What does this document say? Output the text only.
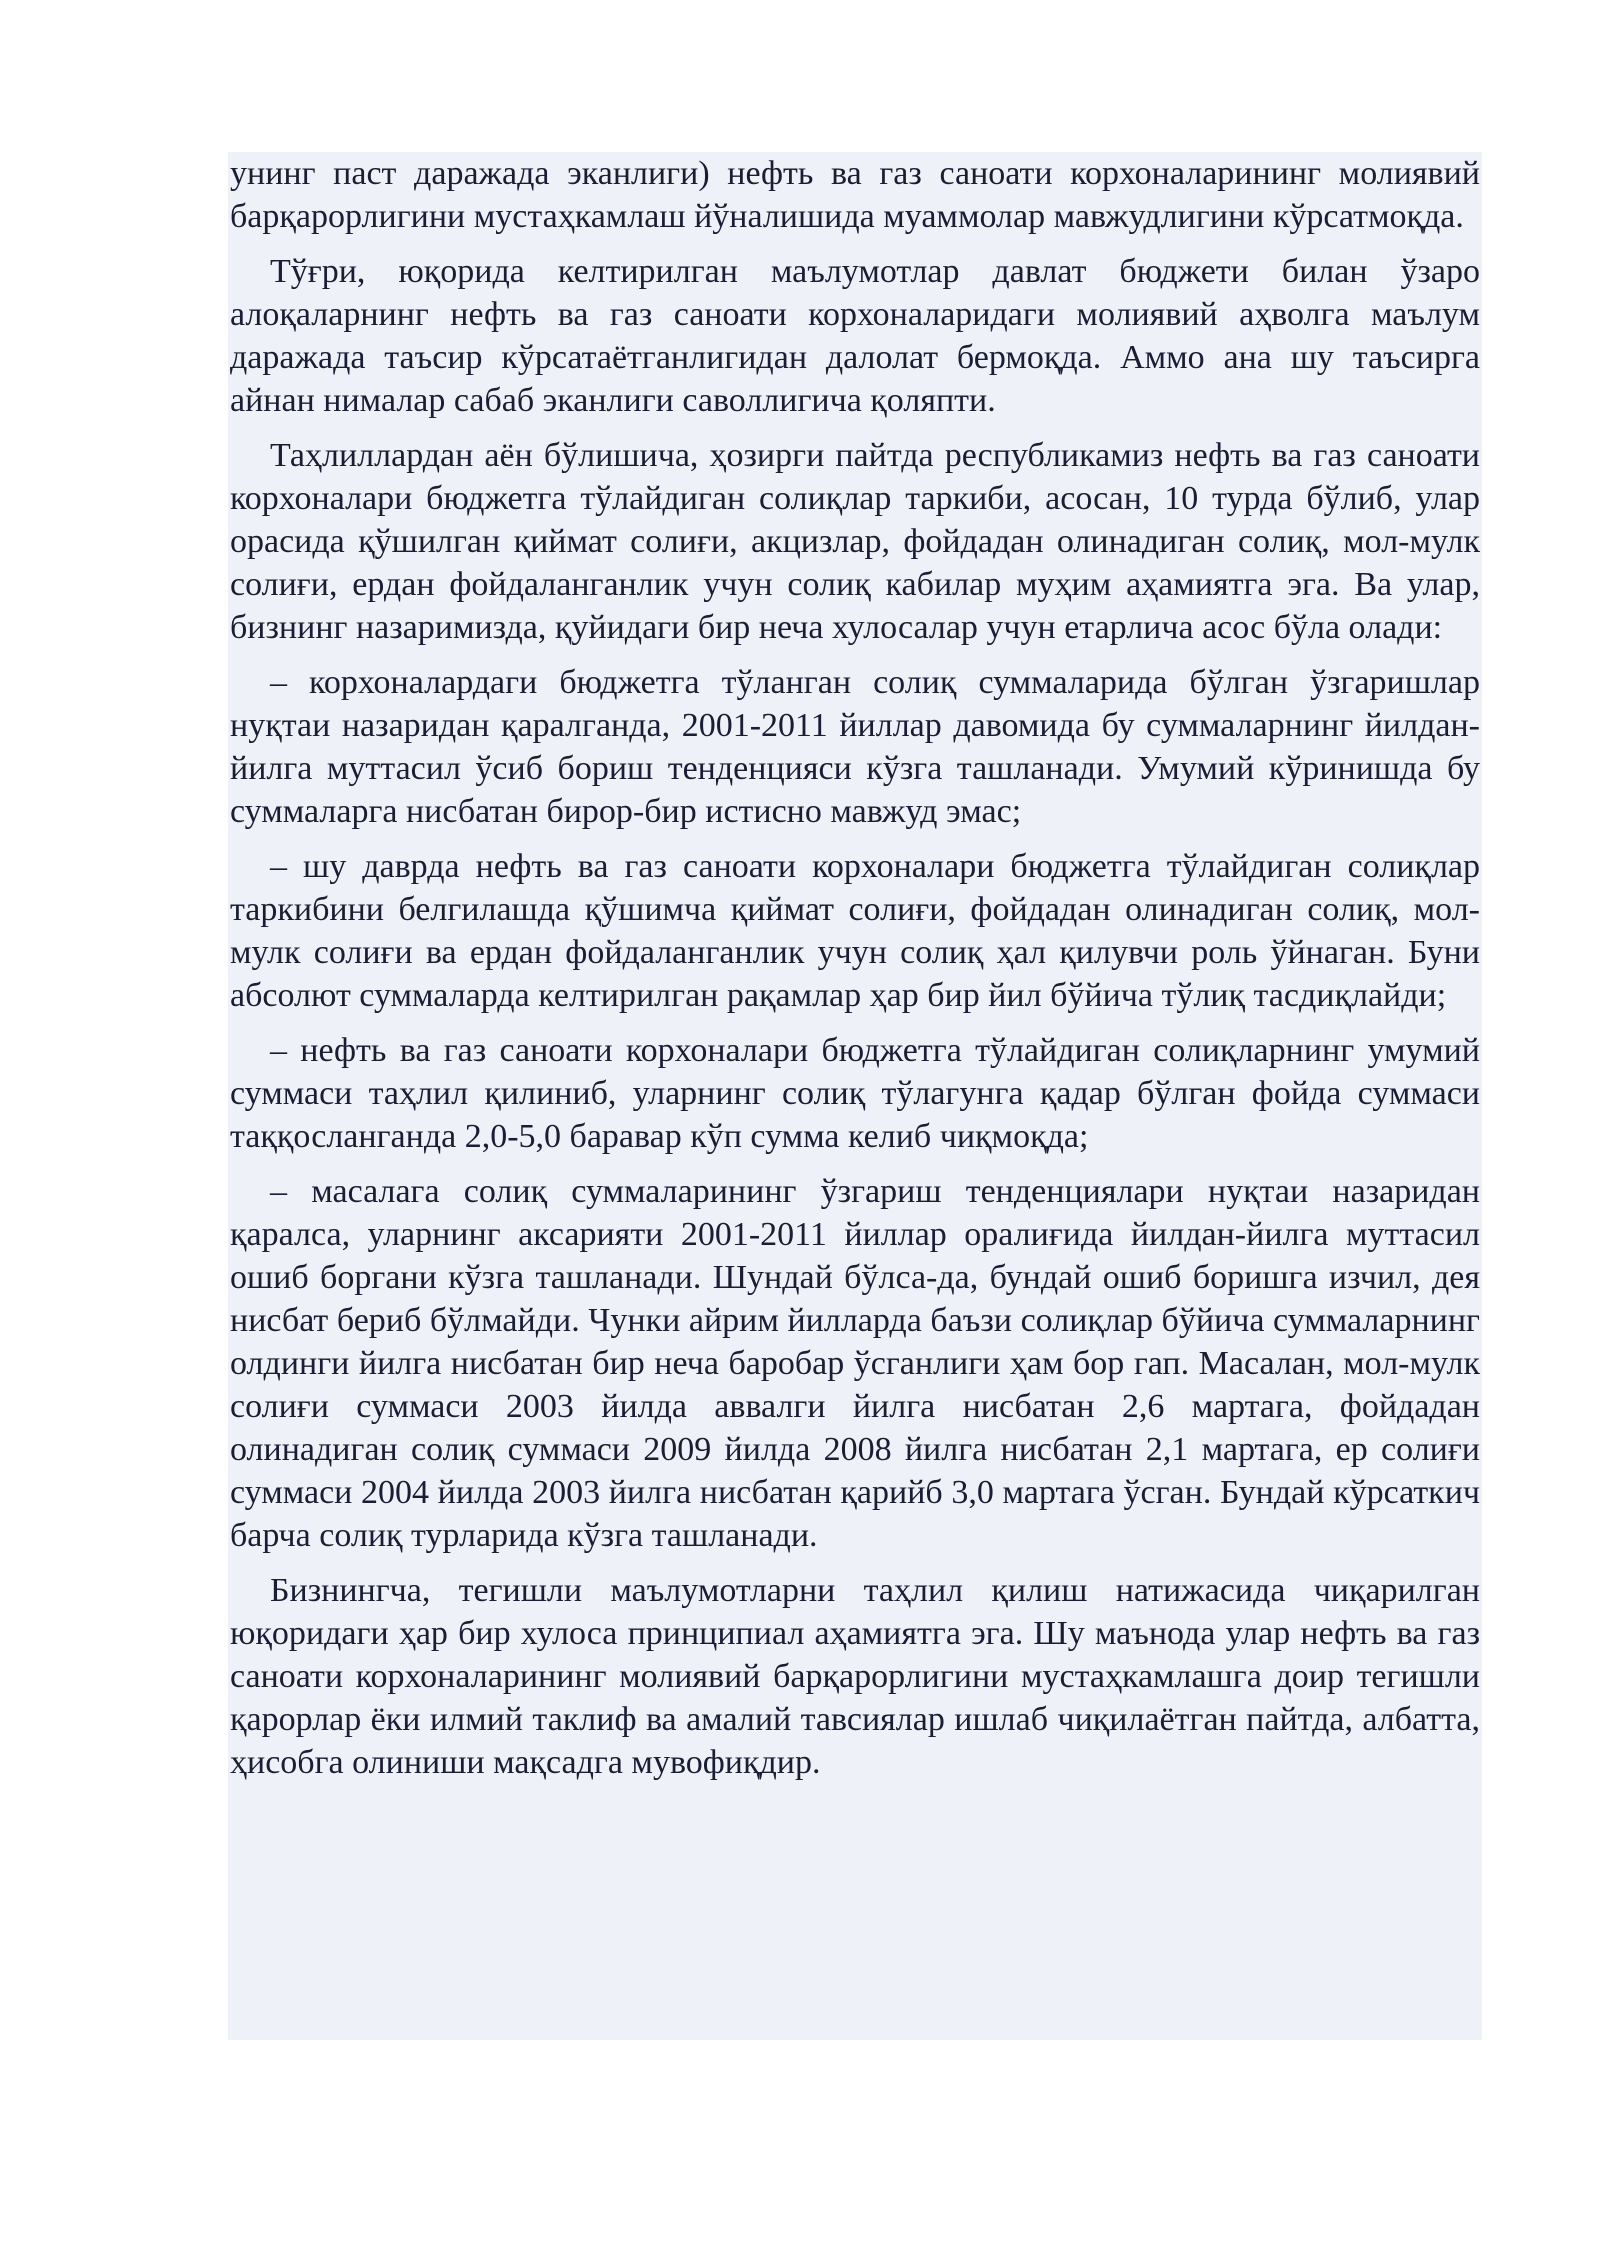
унинг паст даражада эканлиги) нефть ва газ саноати корхоналарининг молиявий барқарорлигини мустаҳкамлаш йўналишида муаммолар мавжудлигини кўрсатмоқда.

Тўғри, юқорида келтирилган маълумотлар давлат бюджети билан ўзаро алоқаларнинг нефть ва газ саноати корхоналаридаги молиявий аҳволга маълум даражада таъсир кўрсатаётганлигидан далолат бермоқда. Аммо ана шу таъсирга айнан нималар сабаб эканлиги саволлигича қоляпти.

Таҳлиллардан аён бўлишича, ҳозирги пайтда республикамиз нефть ва газ саноати корхоналари бюджетга тўлайдиган солиқлар таркиби, асосан, 10 турда бўлиб, улар орасида қўшилган қиймат солиғи, акцизлар, фойдадан олинадиган солиқ, мол-мулк солиғи, ердан фойдаланганлик учун солиқ кабилар муҳим аҳамиятга эга. Ва улар, бизнинг назаримизда, қуйидаги бир неча хулосалар учун етарлича асос бўла олади:

– корхоналардаги бюджетга тўланган солиқ суммаларида бўлган ўзгаришлар нуқтаи назаридан қаралганда, 2001-2011 йиллар давомида бу суммаларнинг йилдан-йилга муттасил ўсиб бориш тенденцияси кўзга ташланади. Умумий кўринишда бу суммаларга нисбатан бирор-бир истисно мавжуд эмас;

– шу даврда нефть ва газ саноати корхоналари бюджетга тўлайдиган солиқлар таркибини белгилашда қўшимча қиймат солиғи, фойдадан олинадиган солиқ, мол-мулк солиғи ва ердан фойдаланганлик учун солиқ ҳал қилувчи роль ўйнаган. Буни абсолют суммаларда келтирилган рақамлар ҳар бир йил бўйича тўлиқ тасдиқлайди;

– нефть ва газ саноати корхоналари бюджетга тўлайдиган солиқларнинг умумий суммаси таҳлил қилиниб, уларнинг солиқ тўлагунга қадар бўлган фойда суммаси таққосланганда 2,0-5,0 баравар кўп сумма келиб чиқмоқда;

– масалага солиқ суммаларининг ўзгариш тенденциялари нуқтаи назаридан қаралса, уларнинг аксарияти 2001-2011 йиллар оралиғида йилдан-йилга муттасил ошиб боргани кўзга ташланади. Шундай бўлса-да, бундай ошиб боришга изчил, дея нисбат бериб бўлмайди. Чунки айрим йилларда баъзи солиқлар бўйича суммаларнинг олдинги йилга нисбатан бир неча баробар ўсганлиги ҳам бор гап. Масалан, мол-мулк солиғи суммаси 2003 йилда аввалги йилга нисбатан 2,6 мартага, фойдадан олинадиган солиқ суммаси 2009 йилда 2008 йилга нисбатан 2,1 мартага, ер солиғи суммаси 2004 йилда 2003 йилга нисбатан қарийб 3,0 мартага ўсган. Бундай кўрсаткич барча солиқ турларида кўзга ташланади.

Бизнингча, тегишли маълумотларни таҳлил қилиш натижасида чиқарилган юқоридаги ҳар бир хулоса принципиал аҳамиятга эга. Шу маънода улар нефть ва газ саноати корхоналарининг молиявий барқарорлигини мустаҳкамлашга доир тегишли қарорлар ёки илмий таклиф ва амалий тавсиялар ишлаб чиқилаётган пайтда, албатта, ҳисобга олиниши мақсадга мувофиқдир.
